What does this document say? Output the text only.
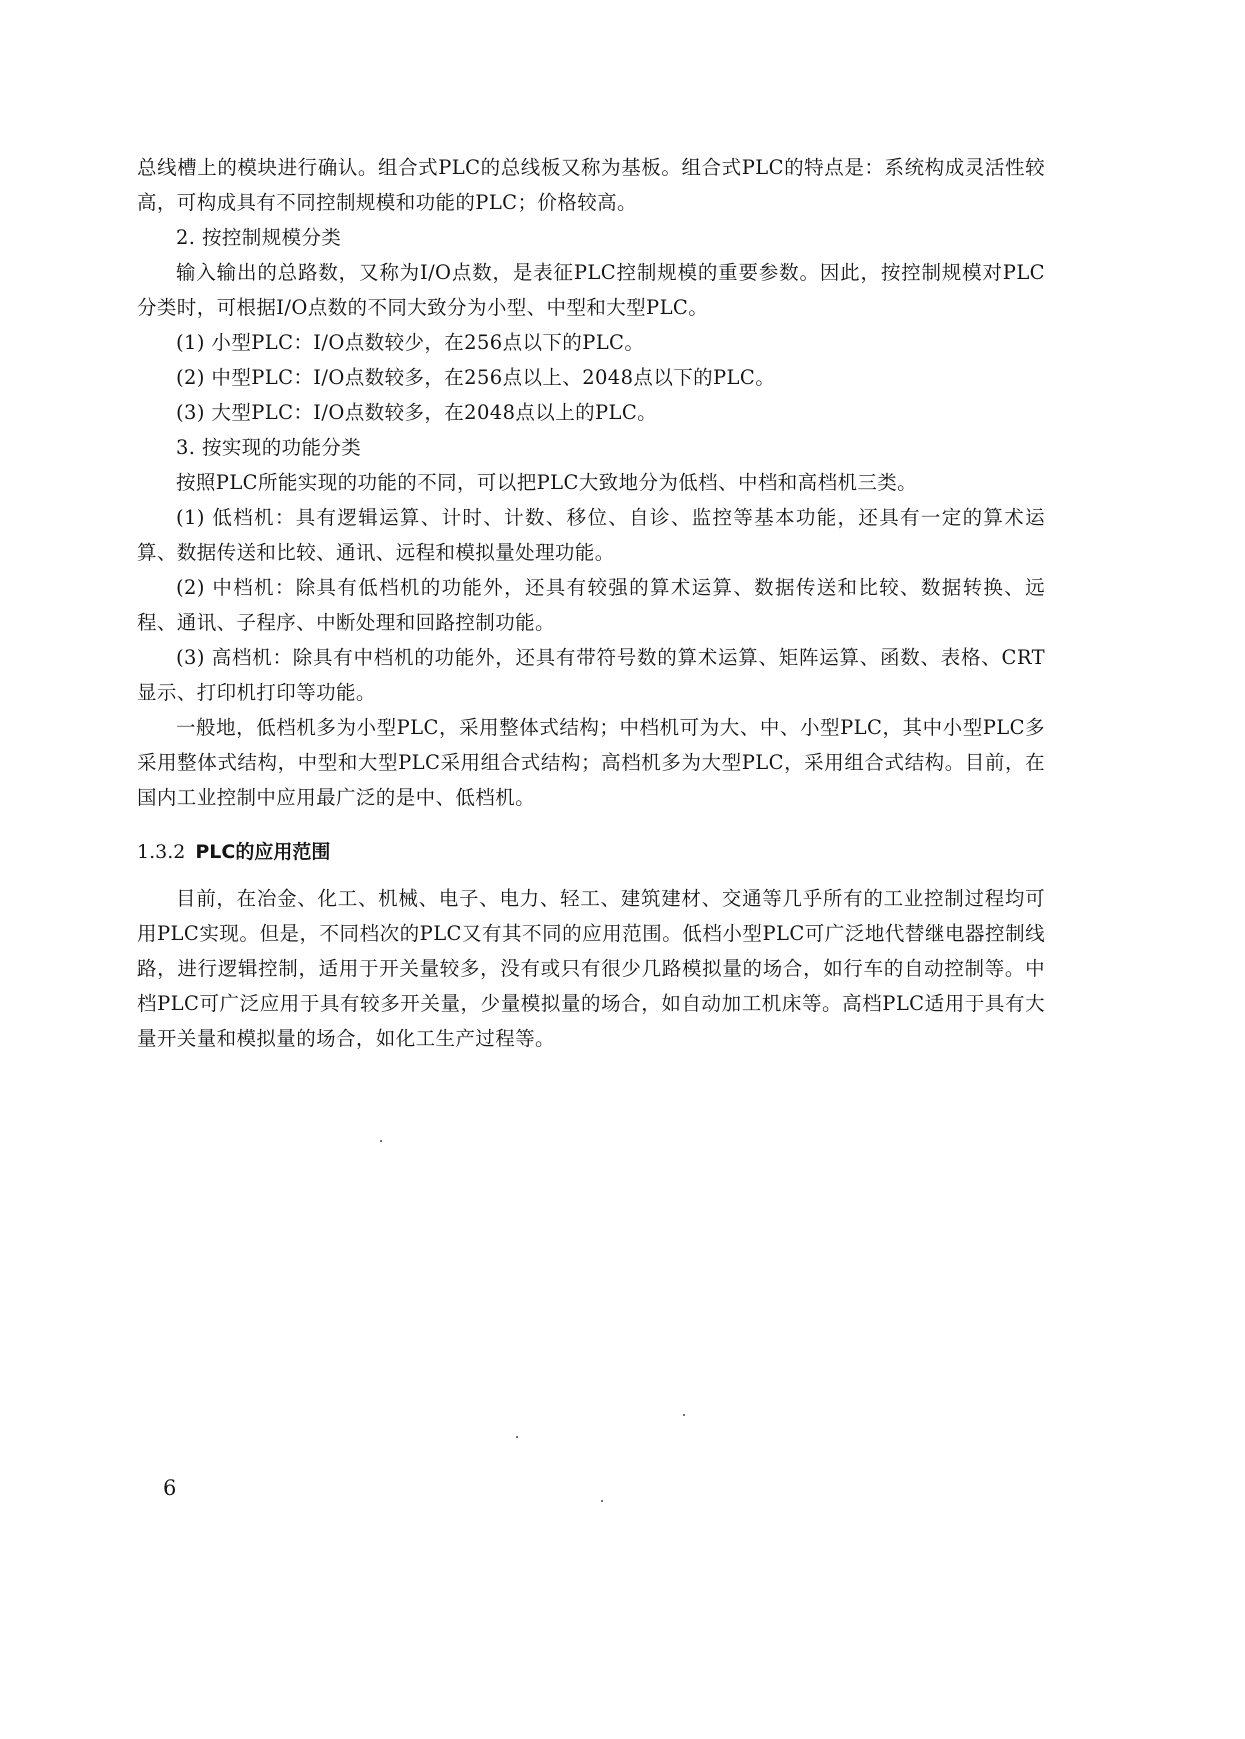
总线槽上的模块进行确认。组合式PLC的总线板又称为基板。组合式PLC的特点是：系统构成灵活性较高，可构成具有不同控制规模和功能的PLC；价格较高。

2. 按控制规模分类

输入输出的总路数，又称为I/O点数，是表征PLC控制规模的重要参数。因此，按控制规模对PLC分类时，可根据I/O点数的不同大致分为小型、中型和大型PLC。

(1) 小型PLC：I/O点数较少，在256点以下的PLC。

(2) 中型PLC：I/O点数较多，在256点以上、2048点以下的PLC。

(3) 大型PLC：I/O点数较多，在2048点以上的PLC。

3. 按实现的功能分类

按照PLC所能实现的功能的不同，可以把PLC大致地分为低档、中档和高档机三类。

(1) 低档机：具有逻辑运算、计时、计数、移位、自诊、监控等基本功能，还具有一定的算术运算、数据传送和比较、通讯、远程和模拟量处理功能。

(2) 中档机：除具有低档机的功能外，还具有较强的算术运算、数据传送和比较、数据转换、远程、通讯、子程序、中断处理和回路控制功能。

(3) 高档机：除具有中档机的功能外，还具有带符号数的算术运算、矩阵运算、函数、表格、CRT显示、打印机打印等功能。

一般地，低档机多为小型PLC，采用整体式结构；中档机可为大、中、小型PLC，其中小型PLC多采用整体式结构，中型和大型PLC采用组合式结构；高档机多为大型PLC，采用组合式结构。目前，在国内工业控制中应用最广泛的是中、低档机。

1.3.2 PLC的应用范围

目前，在冶金、化工、机械、电子、电力、轻工、建筑建材、交通等几乎所有的工业控制过程均可用PLC实现。但是，不同档次的PLC又有其不同的应用范围。低档小型PLC可广泛地代替继电器控制线路，进行逻辑控制，适用于开关量较多，没有或只有很少几路模拟量的场合，如行车的自动控制等。中档PLC可广泛应用于具有较多开关量，少量模拟量的场合，如自动加工机床等。高档PLC适用于具有大量开关量和模拟量的场合，如化工生产过程等。

6
